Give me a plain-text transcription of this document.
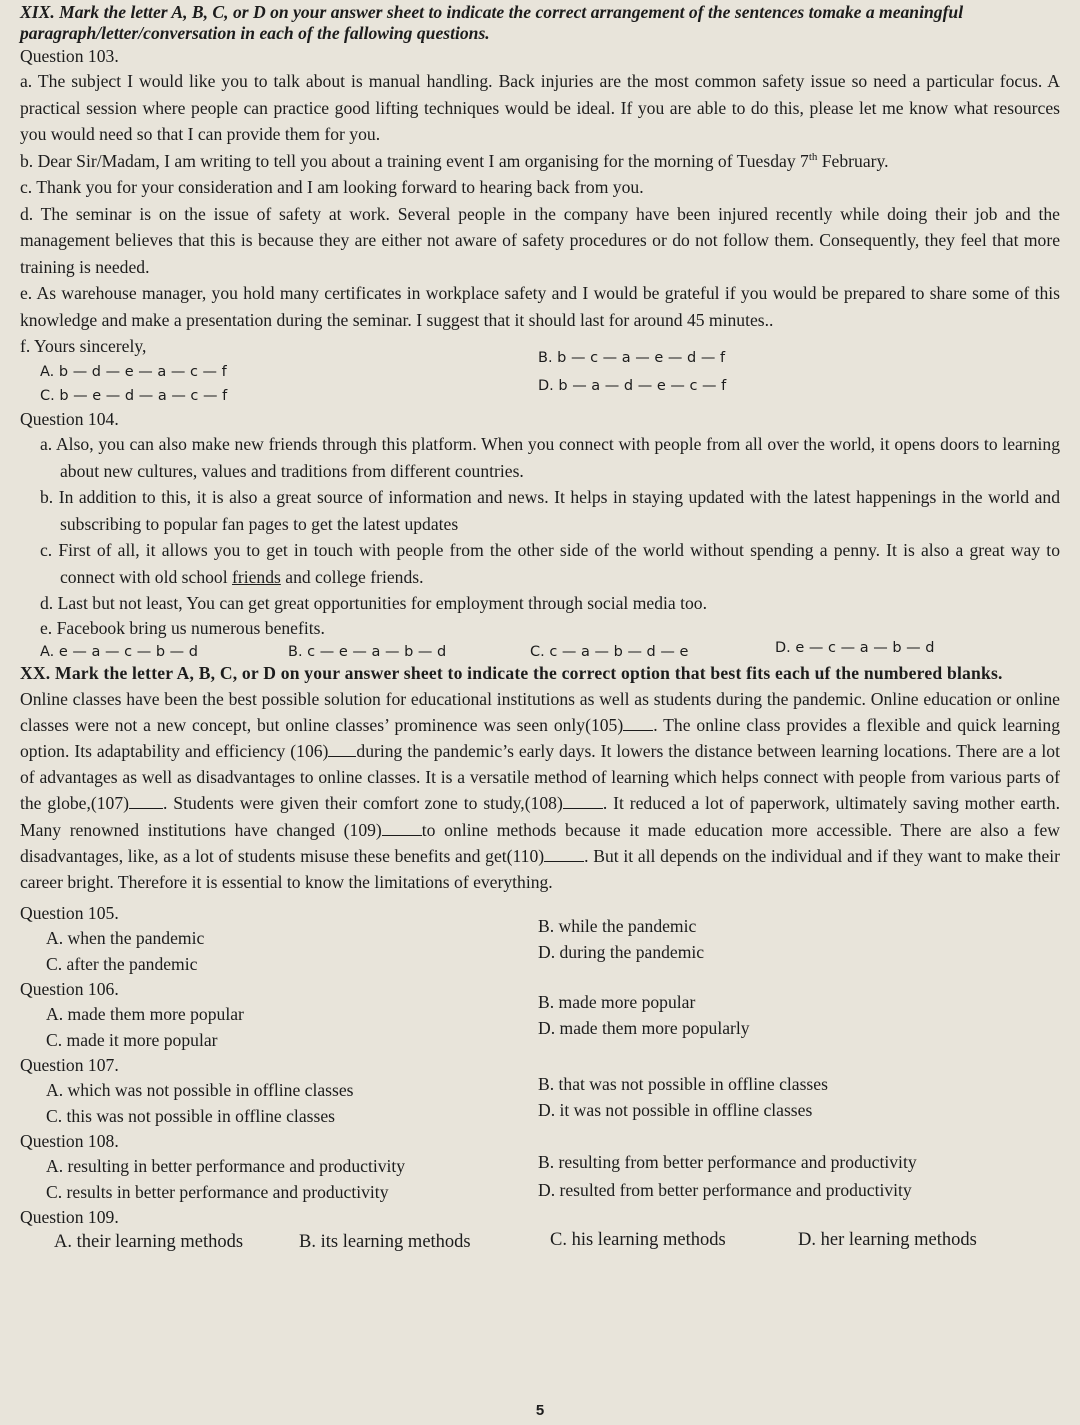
XIX. Mark the letter A, B, C, or D on your answer sheet to indicate the correct arrangement of the sentences tomake a meaningful paragraph/letter/conversation in each of the fallowing questions.

Question 103.

a. The subject I would like you to talk about is manual handling. Back injuries are the most common safety issue so need a particular focus. A practical session where people can practice good lifting techniques would be ideal. If you are able to do this, please let me know what resources you would need so that I can provide them for you.

b. Dear Sir/Madam, I am writing to tell you about a training event I am organising for the morning of Tuesday 7th February.

c. Thank you for your consideration and I am looking forward to hearing back from you.

d. The seminar is on the issue of safety at work. Several people in the company have been injured recently while doing their job and the management believes that this is because they are either not aware of safety procedures or do not follow them. Consequently, they feel that more training is needed.

e. As warehouse manager, you hold many certificates in workplace safety and I would be grateful if you would be prepared to share some of this knowledge and make a presentation during the seminar. I suggest that it should last for around 45 minutes..

f. Yours sincerely,

A. b — d — e — a — c — f
B. b — c — a — e — d — f
C. b — e — d — a — c — f
D. b — a — d — e — c — f

Question 104.

a. Also, you can also make new friends through this platform. When you connect with people from all over the world, it opens doors to learning about new cultures, values and traditions from different countries.

b. In addition to this, it is also a great source of information and news. It helps in staying updated with the latest happenings in the world and subscribing to popular fan pages to get the latest updates

c. First of all, it allows you to get in touch with people from the other side of the world without spending a penny. It is also a great way to connect with old school friends and college friends.

d. Last but not least, You can get great opportunities for employment through social media too.

e. Facebook bring us numerous benefits.

A. e — a — c — b — d	B. c — e — a — b — d	C. c — a — b — d — e	D. e — c — a — b — d

XX. Mark the letter A, B, C, or D on your answer sheet to indicate the correct option that best fits each uf the numbered blanks.

Online classes have been the best possible solution for educational institutions as well as students during the pandemic. Online education or online classes were not a new concept, but online classes’ prominence was seen only(105) . The online class provides a flexible and quick learning option. Its adaptability and efficiency (106) during the pandemic’s early days. It lowers the distance between learning locations. There are a lot of advantages as well as disadvantages to online classes. It is a versatile method of learning which helps connect with people from various parts of the globe,(107) . Students were given their comfort zone to study,(108) . It reduced a lot of paperwork, ultimately saving mother earth. Many renowned institutions have changed (109) to online methods because it made education more accessible. There are also a few disadvantages, like, as a lot of students misuse these benefits and get(110) . But it all depends on the individual and if they want to make their career bright. Therefore it is essential to know the limitations of everything.

Question 105.

A. when the pandemic
B. while the pandemic
C. after the pandemic
D. during the pandemic

Question 106.

A. made them more popular
B. made more popular
C. made it more popular
D. made them more popularly

Question 107.

A. which was not possible in offline classes	B. that was not possible in offline classes
C. this was not possible in offline classes	D. it was not possible in offline classes

Question 108.

A. resulting in better performance and productivity	B. resulting from better performance and productivity
C. results in better performance and productivity	D. resulted from better performance and productivity

Question 109.

A. their learning methods	B. its learning methods	C. his learning methods	D. her learning methods
5
